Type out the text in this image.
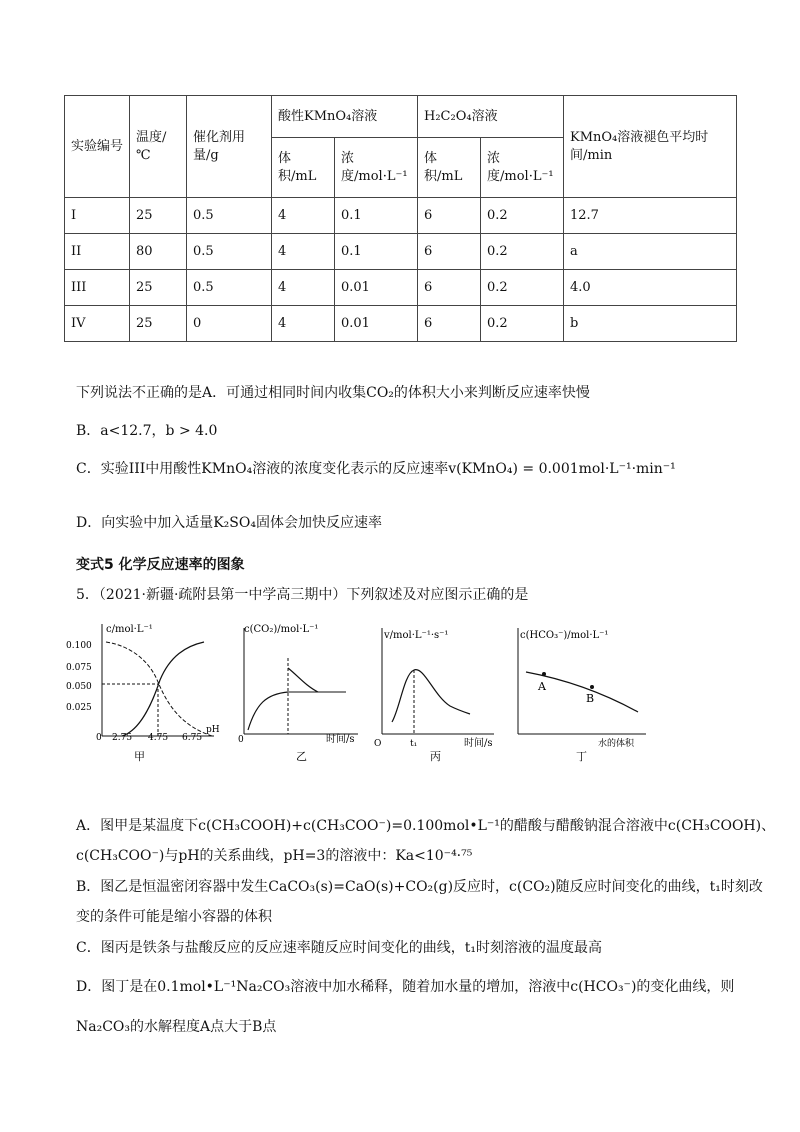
实验编号	温度/℃	催化剂用量/g	酸性KMnO₄溶液		H₂C₂O₄溶液		KMnO₄溶液褪色平均时间/min
			体积/mL	浓度/mol·L⁻¹	体积/mL	浓度/mol·L⁻¹	
I	25	0.5	4	0.1	6	0.2	12.7
II	80	0.5	4	0.1	6	0.2	a
III	25	0.5	4	0.01	6	0.2	4.0
IV	25	0	4	0.01	6	0.2	b
下列说法不正确的是A．可通过相同时间内收集CO₂的体积大小来判断反应速率快慢
B．a<12.7，b > 4.0
C．实验III中用酸性KMnO₄溶液的浓度变化表示的反应速率v(KMnO₄) = 0.001mol·L⁻¹·min⁻¹
D．向实验中加入适量K₂SO₄固体会加快反应速率
变式5 化学反应速率的图象
5．（2021·新疆·疏附县第一中学高三期中）下列叙述及对应图示正确的是
c/mol·L⁻¹
0.100
0.075
0.050
0.025
0 2.75 4.75 6.75
pH
甲
c(CO₂)/mol·L⁻¹
0	时间/s
乙
v/mol·L⁻¹·s⁻¹
O	时间/s
t₁
丙
c(HCO₃⁻)/mol·L⁻¹
水的体积
A
B
丁
A．图甲是某温度下c(CH₃COOH)+c(CH₃COO⁻)=0.100mol•L⁻¹的醋酸与醋酸钠混合溶液中c(CH₃COOH)、
c(CH₃COO⁻)与pH的关系曲线，pH=3的溶液中：Ka<10⁻⁴·⁷⁵
B．图乙是恒温密闭容器中发生CaCO₃(s)=CaO(s)+CO₂(g)反应时，c(CO₂)随反应时间变化的曲线，t₁时刻改
变的条件可能是缩小容器的体积
C．图丙是铁条与盐酸反应的反应速率随反应时间变化的曲线，t₁时刻溶液的温度最高
D．图丁是在0.1mol•L⁻¹Na₂CO₃溶液中加水稀释，随着加水量的增加，溶液中c(HCO₃⁻)的变化曲线，则
Na₂CO₃的水解程度A点大于B点
